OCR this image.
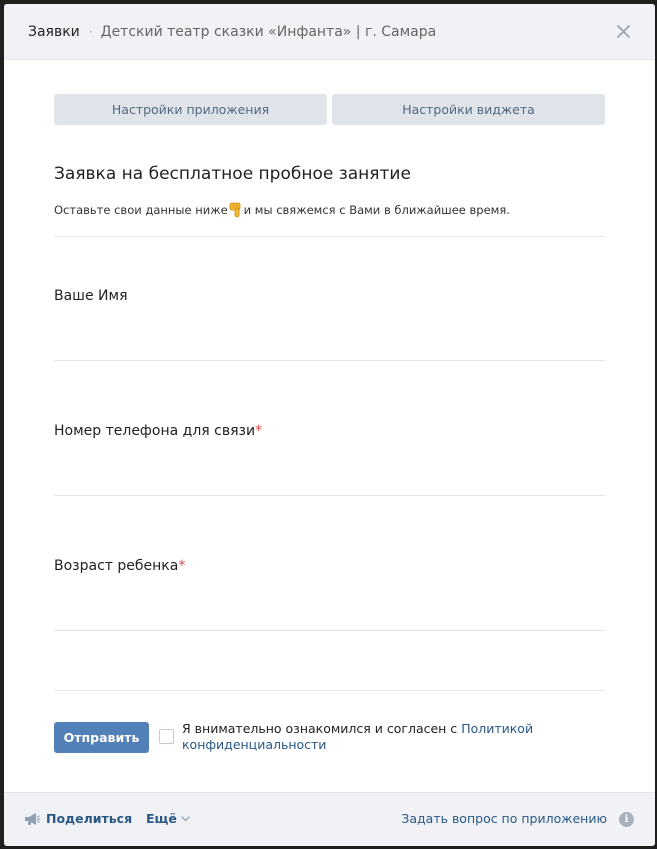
Заявки · Детский театр сказки «Инфанта» | г. Самара
Настройки приложения	Настройки виджета
Заявка на бесплатное пробное занятие
Оставьте свои данные ниже и мы свяжемся с Вами в ближайшее время.
Ваше Имя
Номер телефона для связи*
Возраст ребенка*
Отправить
Я внимательно ознакомился и согласен с Политикой конфиденциальности
Поделиться Ещё	Задать вопрос по приложению	i
